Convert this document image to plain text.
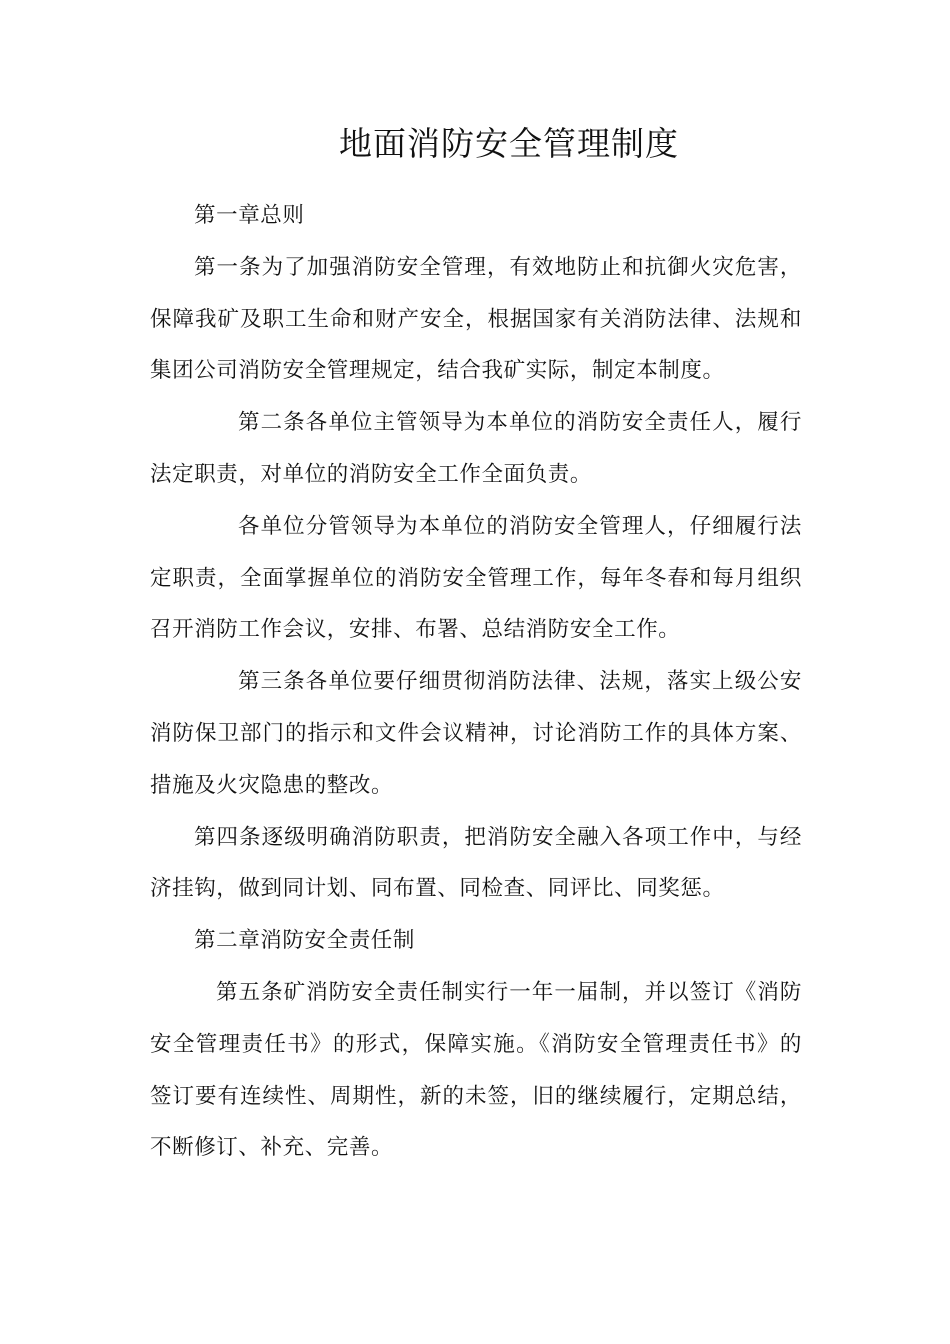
地面消防安全管理制度

第一章总则

第一条为了加强消防安全管理，有效地防止和抗御火灾危害，保障我矿及职工生命和财产安全，根据国家有关消防法律、法规和集团公司消防安全管理规定，结合我矿实际，制定本制度。

第二条各单位主管领导为本单位的消防安全责任人，履行法定职责，对单位的消防安全工作全面负责。

各单位分管领导为本单位的消防安全管理人，仔细履行法定职责，全面掌握单位的消防安全管理工作，每年冬春和每月组织召开消防工作会议，安排、布署、总结消防安全工作。

第三条各单位要仔细贯彻消防法律、法规，落实上级公安消防保卫部门的指示和文件会议精神，讨论消防工作的具体方案、措施及火灾隐患的整改。

第四条逐级明确消防职责，把消防安全融入各项工作中，与经济挂钩，做到同计划、同布置、同检查、同评比、同奖惩。

第二章消防安全责任制

第五条矿消防安全责任制实行一年一届制，并以签订《消防安全管理责任书》的形式，保障实施。《消防安全管理责任书》的签订要有连续性、周期性，新的未签，旧的继续履行，定期总结，不断修订、补充、完善。
